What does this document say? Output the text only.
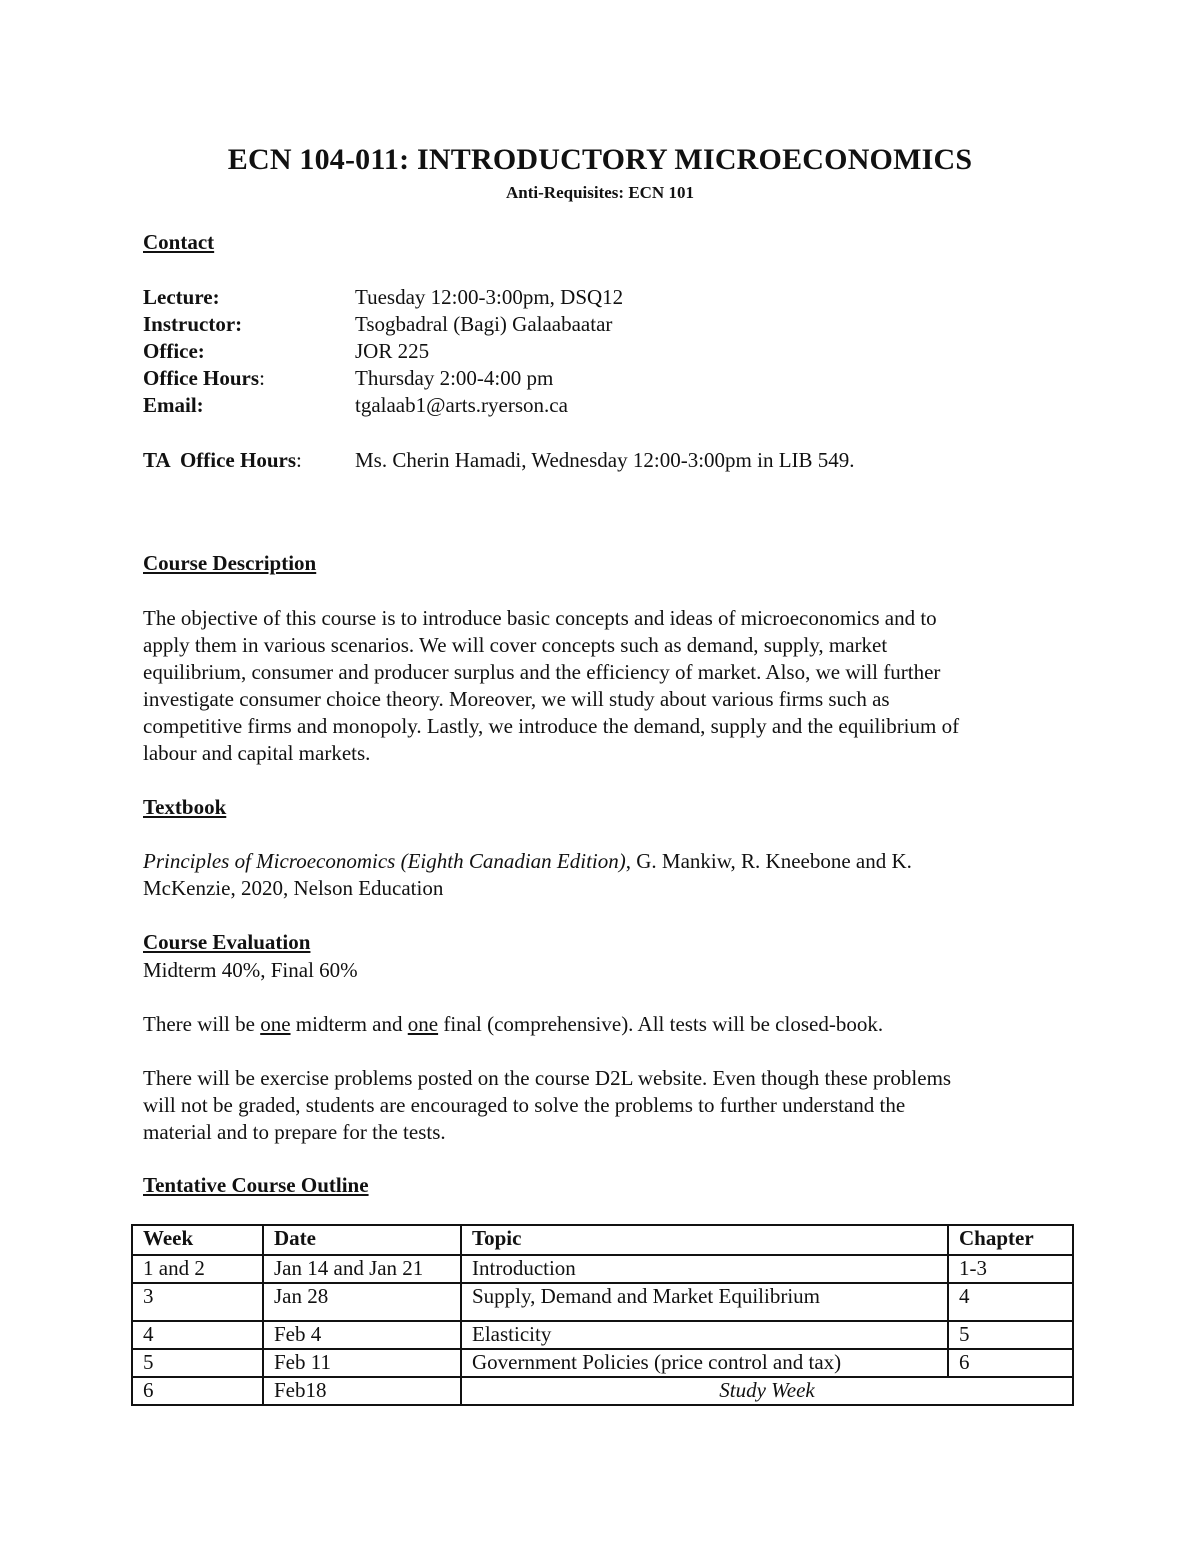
ECN 104-011: INTRODUCTORY MICROECONOMICS
Anti-Requisites: ECN 101
Contact
Lecture:	Tuesday 12:00-3:00pm, DSQ12
Instructor:	Tsogbadral (Bagi) Galaabaatar
Office:	JOR 225
Office Hours:	Thursday 2:00-4:00 pm
Email:	tgalaab1@arts.ryerson.ca
TA  Office Hours:	Ms. Cherin Hamadi, Wednesday 12:00-3:00pm in LIB 549.
Course Description

The objective of this course is to introduce basic concepts and ideas of microeconomics and to
apply them in various scenarios. We will cover concepts such as demand, supply, market
equilibrium, consumer and producer surplus and the efficiency of market. Also, we will further
investigate consumer choice theory. Moreover, we will study about various firms such as
competitive firms and monopoly. Lastly, we introduce the demand, supply and the equilibrium of
labour and capital markets.

Textbook

Principles of Microeconomics (Eighth Canadian Edition), G. Mankiw, R. Kneebone and K.
McKenzie, 2020, Nelson Education

Course Evaluation

Midterm 40%, Final 60%

There will be one midterm and one final (comprehensive). All tests will be closed-book.

There will be exercise problems posted on the course D2L website. Even though these problems
will not be graded, students are encouraged to solve the problems to further understand the
material and to prepare for the tests.

Tentative Course Outline
Week	Date	Topic	Chapter
1 and 2	Jan 14 and Jan 21	Introduction	1-3
3	Jan 28	Supply, Demand and Market Equilibrium	4
4	Feb 4	Elasticity	5
5	Feb 11	Government Policies (price control and tax)	6
6	Feb18	Study Week	
